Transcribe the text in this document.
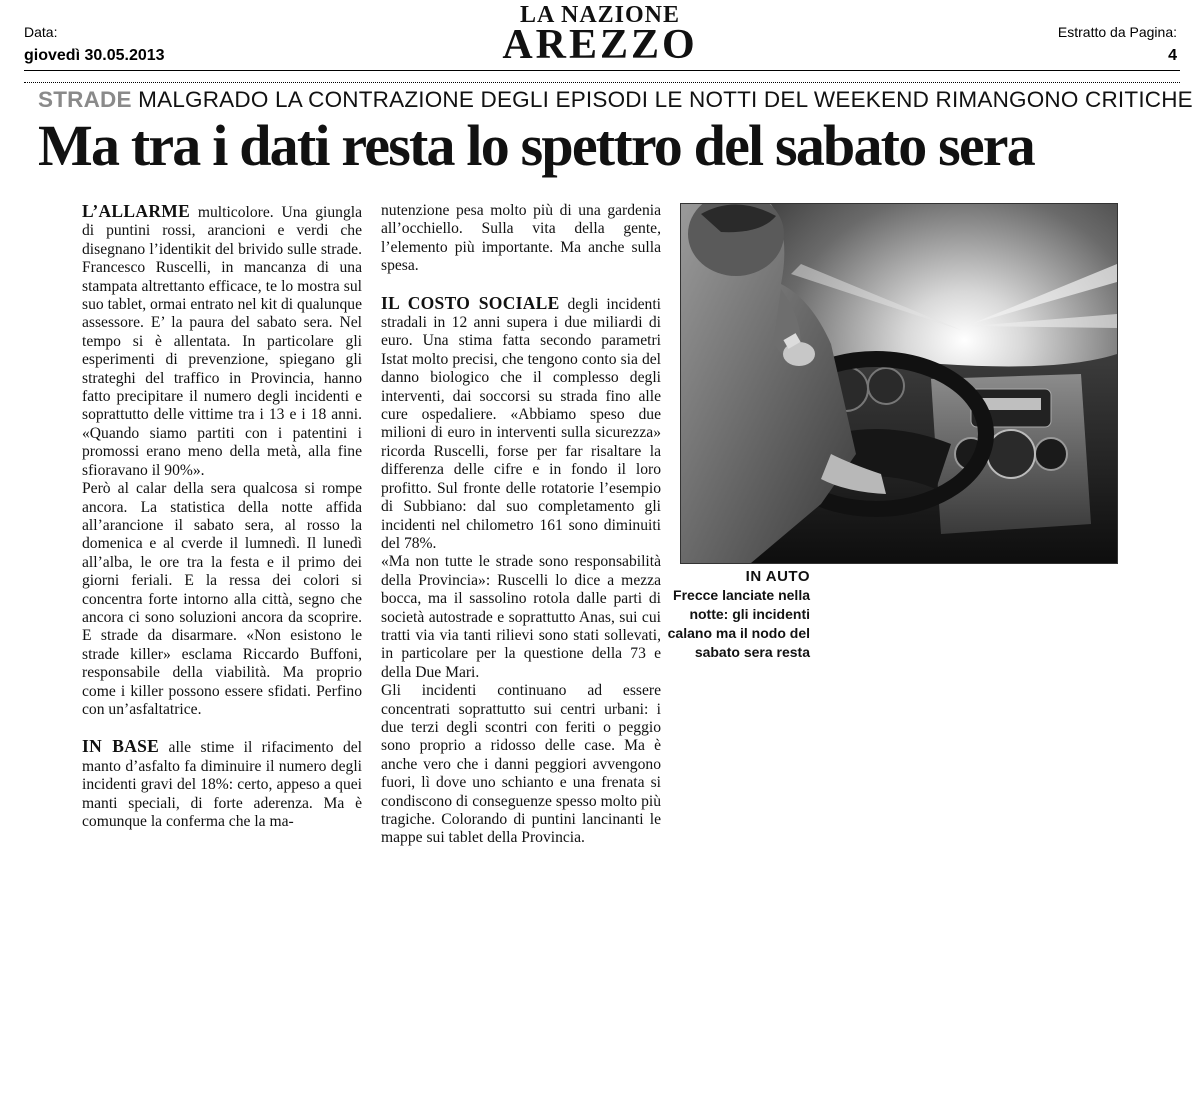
Data:
giovedì 30.05.2013
LA NAZIONE
AREZZO	Estratto da Pagina:
4
STRADE MALGRADO LA CONTRAZIONE DEGLI EPISODI LE NOTTI DEL WEEKEND RIMANGONO CRITICHE
Ma tra i dati resta lo spettro del sabato sera

L’ALLARME multicolore. Una giungla di puntini rossi, arancioni e verdi che disegnano l’identikit del brivido sulle strade. Francesco Ruscelli, in mancanza di una stampata altrettanto efficace, te lo mostra sul suo tablet, ormai entrato nel kit di qualunque assessore. E’ la paura del sabato sera. Nel tempo si è allentata. In particolare gli esperimenti di prevenzione, spiegano gli strateghi del traffico in Provincia, hanno fatto precipitare il numero degli incidenti e soprattutto delle vittime tra i 13 e i 18 anni. «Quando siamo partiti con i patentini i promossi erano meno della metà, alla fine sfioravano il 90%».

Però al calar della sera qualcosa si rompe ancora. La statistica della notte affida all’arancione il sabato sera, al rosso la domenica e al cverde il lumnedì. Il lunedì all’alba, le ore tra la festa e il primo dei giorni feriali. E la ressa dei colori si concentra forte intorno alla città, segno che ancora ci sono soluzioni ancora da scoprire. E strade da disarmare. «Non esistono le strade killer» esclama Riccardo Buffoni, responsabile della viabilità. Ma proprio come i killer possono essere sfidati. Perfino con un’asfaltatrice.

IN BASE alle stime il rifacimento del manto d’asfalto fa diminuire il numero degli incidenti gravi del 18%: certo, appeso a quei manti speciali, di forte aderenza. Ma è comunque la conferma che la ma-

nutenzione pesa molto più di una gardenia all’occhiello. Sulla vita della gente, l’elemento più importante. Ma anche sulla spesa.

IL COSTO SOCIALE degli incidenti stradali in 12 anni supera i due miliardi di euro. Una stima fatta secondo parametri Istat molto precisi, che tengono conto sia del danno biologico che il complesso degli interventi, dai soccorsi su strada fino alle cure ospedaliere. «Abbiamo speso due milioni di euro in interventi sulla sicurezza» ricorda Ruscelli, forse per far risaltare la differenza delle cifre e in fondo il loro profitto. Sul fronte delle rotatorie l’esempio di Subbiano: dal suo completamento gli incidenti nel chilometro 161 sono diminuiti del 78%.

«Ma non tutte le strade sono responsabilità della Provincia»: Ruscelli lo dice a mezza bocca, ma il sassolino rotola dalle parti di società autostrade e soprattutto Anas, sui cui tratti via via tanti rilievi sono stati sollevati, in particolare per la questione della 73 e della Due Mari.

Gli incidenti continuano ad essere concentrati soprattutto sui centri urbani: i due terzi degli scontri con feriti o peggio sono proprio a ridosso delle case. Ma è anche vero che i danni peggiori avvengono fuori, lì dove uno schianto e una frenata si condiscono di conseguenze spesso molto più tragiche. Colorando di puntini lancinanti le mappe sui tablet della Provincia.

IN AUTO
Frecce lanciate nella notte: gli incidenti calano ma il nodo del sabato sera resta
